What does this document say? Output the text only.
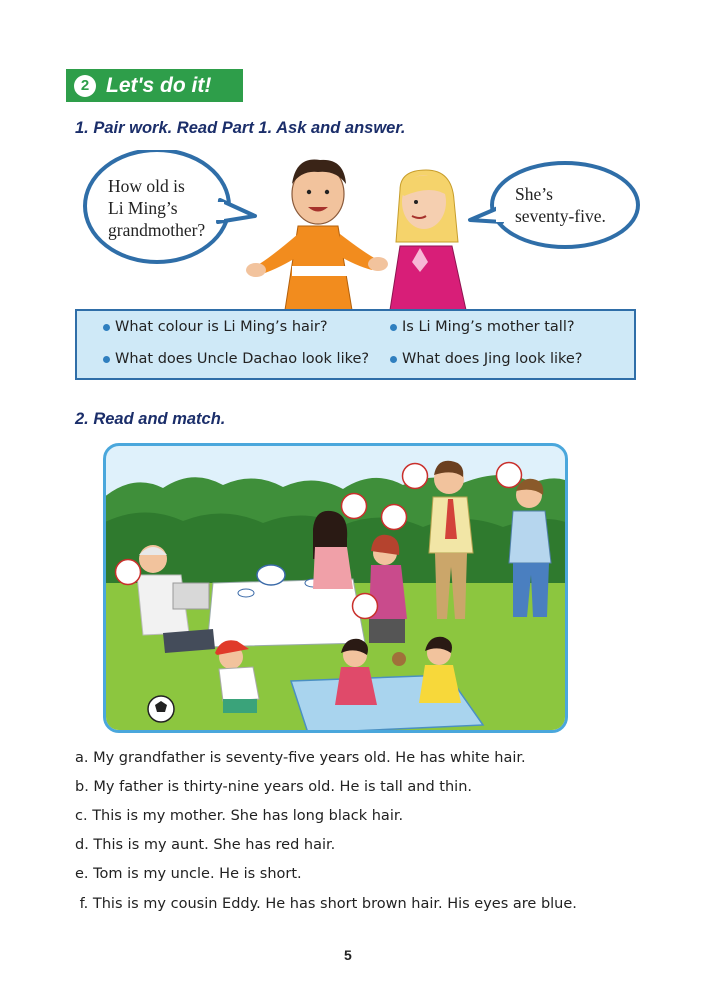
2 Let's do it!
1. Pair work. Read Part 1. Ask and answer.
How old is
Li Ming’s
grandmother?
She’s
seventy-five.
What colour is Li Ming’s hair?	Is Li Ming’s mother tall?
What does Uncle Dachao look like? What does Jing look like?
2. Read and match.
a. My grandfather is seventy-five years old. He has white hair.
b. My father is thirty-nine years old. He is tall and thin.
c. This is my mother. She has long black hair.
d. This is my aunt. She has red hair.
e. Tom is my uncle. He is short.
f. This is my cousin Eddy. He has short brown hair. His eyes are blue.
5
